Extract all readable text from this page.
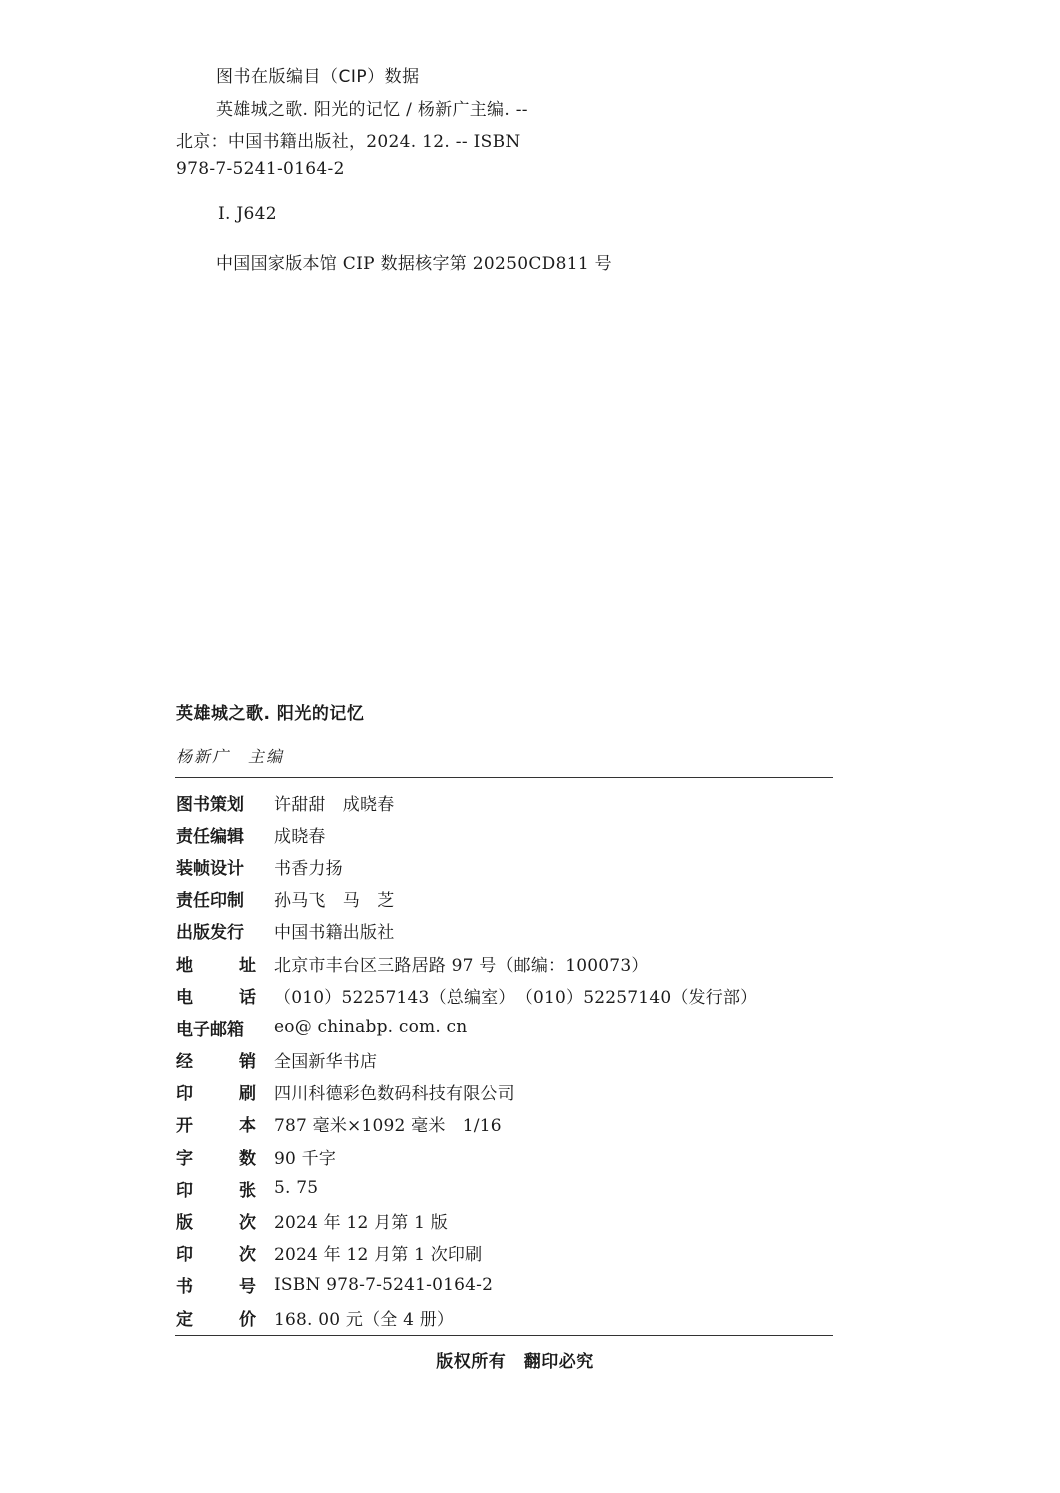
图书在版编目（CIP）数据
英雄城之歌. 阳光的记忆 / 杨新广主编. --
北京：中国书籍出版社，2024. 12. -- ISBN
978-7-5241-0164-2
Ⅰ. J642
中国国家版本馆 CIP 数据核字第 20250CD811 号
英雄城之歌. 阳光的记忆
杨新广　主编
图书策划	许甜甜　成晓春
责任编辑	成晓春
装帧设计	书香力扬
责任印制	孙马飞　马　芝
出版发行	中国书籍出版社
地	址 北京市丰台区三路居路 97 号（邮编：100073）
电	话 （010）52257143（总编室）　（010）52257140（发行部）
电子邮箱	eo@ chinabp. com. cn
经	销 全国新华书店
印	刷 四川科德彩色数码科技有限公司
开	本 787 毫米×1092 毫米　1/16
字	数 90 千字
印	张 5. 75
版	次 2024 年 12 月第 1 版
印	次 2024 年 12 月第 1 次印刷
书	号 ISBN 978-7-5241-0164-2
定	价 168. 00 元（全 4 册）
版权所有　翻印必究
